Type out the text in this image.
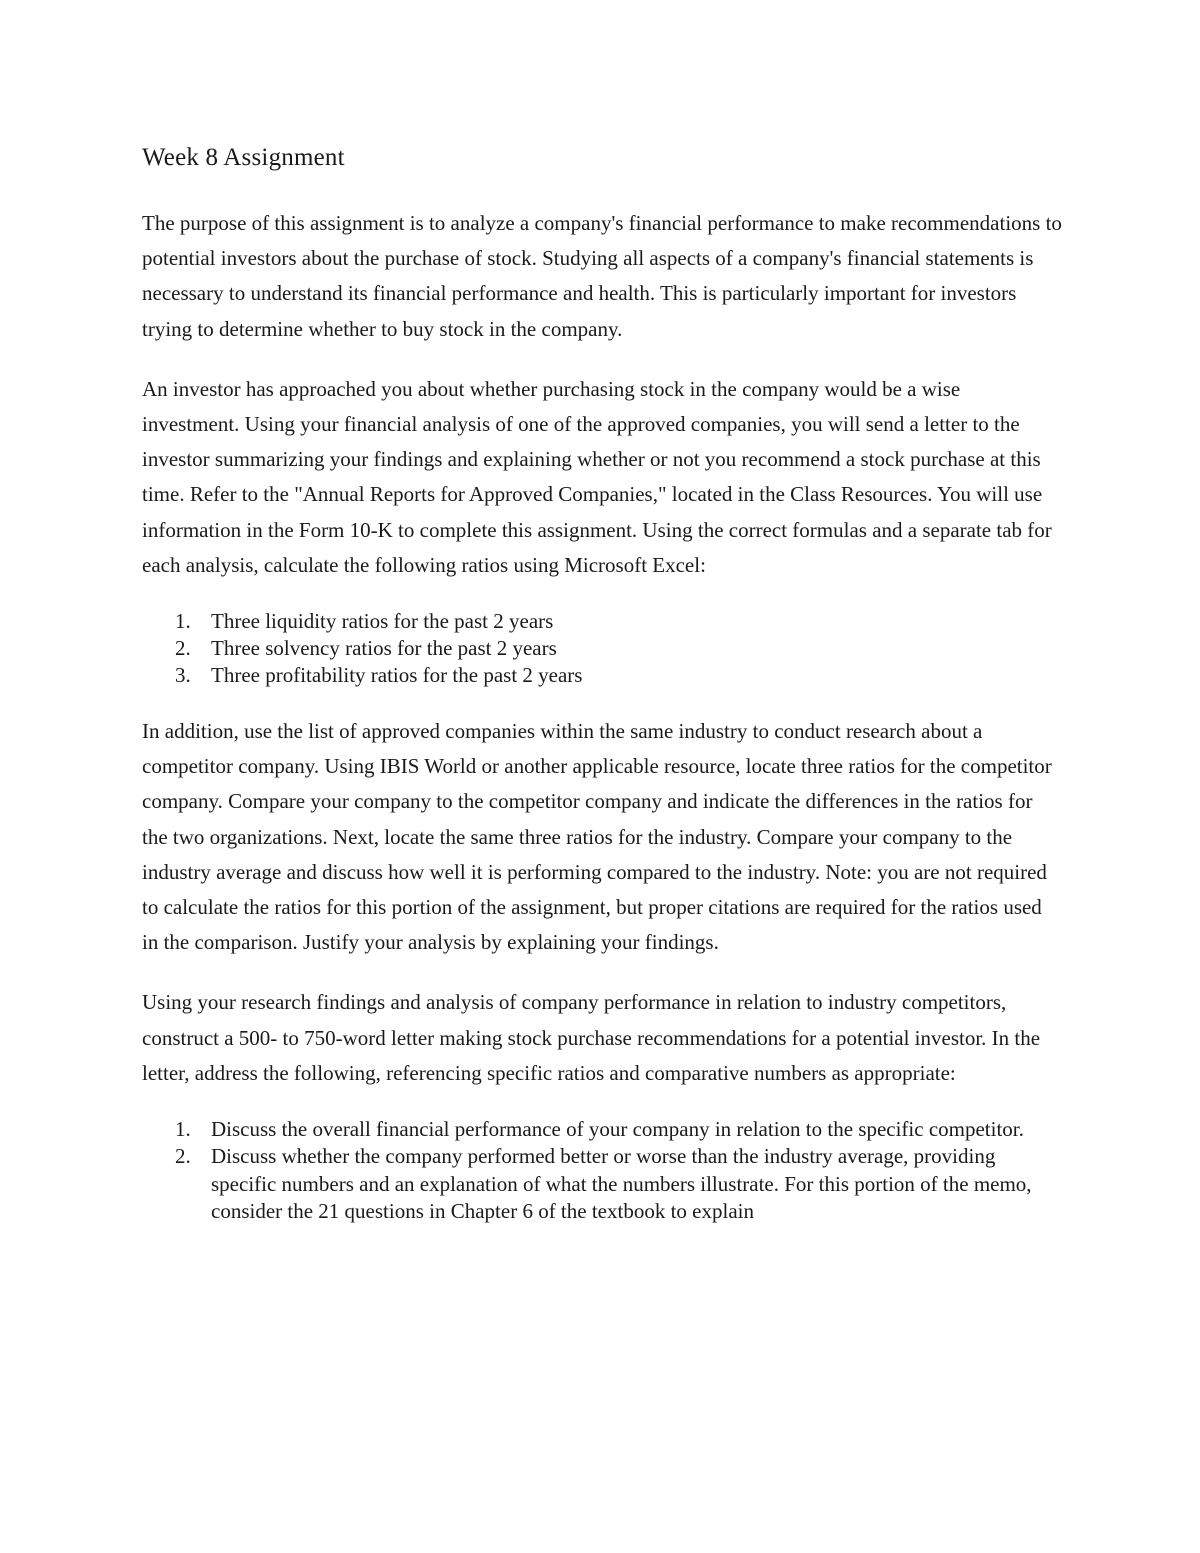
Week 8 Assignment

The purpose of this assignment is to analyze a company's financial performance to make recommendations to potential investors about the purchase of stock. Studying all aspects of a company's financial statements is necessary to understand its financial performance and health. This is particularly important for investors trying to determine whether to buy stock in the company.

An investor has approached you about whether purchasing stock in the company would be a wise investment. Using your financial analysis of one of the approved companies, you will send a letter to the investor summarizing your findings and explaining whether or not you recommend a stock purchase at this time. Refer to the "Annual Reports for Approved Companies," located in the Class Resources. You will use information in the Form 10-K to complete this assignment. Using the correct formulas and a separate tab for each analysis, calculate the following ratios using Microsoft Excel:

1. Three liquidity ratios for the past 2 years
2. Three solvency ratios for the past 2 years
3. Three profitability ratios for the past 2 years

In addition, use the list of approved companies within the same industry to conduct research about a competitor company. Using IBIS World or another applicable resource, locate three ratios for the competitor company. Compare your company to the competitor company and indicate the differences in the ratios for the two organizations. Next, locate the same three ratios for the industry. Compare your company to the industry average and discuss how well it is performing compared to the industry. Note: you are not required to calculate the ratios for this portion of the assignment, but proper citations are required for the ratios used in the comparison. Justify your analysis by explaining your findings.

Using your research findings and analysis of company performance in relation to industry competitors, construct a 500- to 750-word letter making stock purchase recommendations for a potential investor. In the letter, address the following, referencing specific ratios and comparative numbers as appropriate:

1. Discuss the overall financial performance of your company in relation to the specific competitor.
2. Discuss whether the company performed better or worse than the industry average, providing specific numbers and an explanation of what the numbers illustrate. For this portion of the memo, consider the 21 questions in Chapter 6 of the textbook to explain
